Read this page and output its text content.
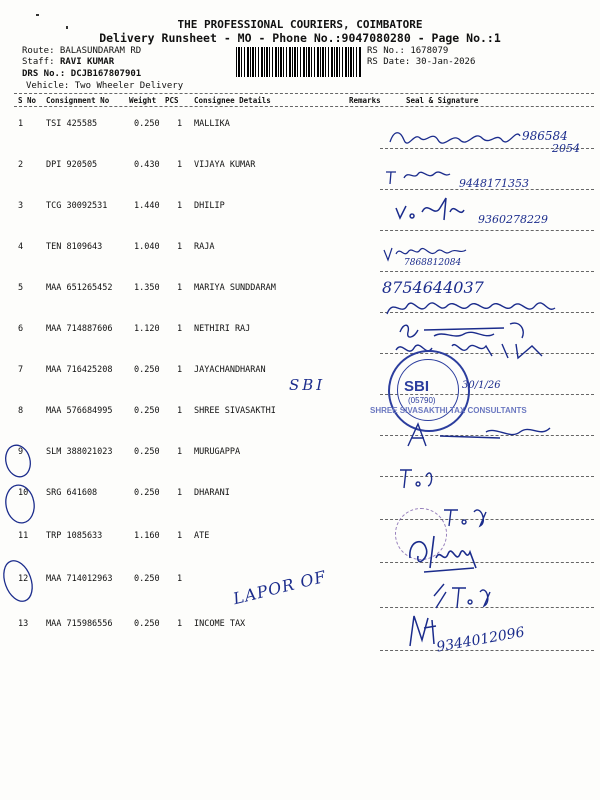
THE PROFESSIONAL COURIERS, COIMBATORE
Delivery Runsheet - MO - Phone No.:9047080280 - Page No.:1
Route: BALASUNDARAM RD
Staff: RAVI KUMAR
DRS No.: DCJB167807901
Vehicle: Two Wheeler Delivery
RS No.: 1678079
RS Date: 30-Jan-2026
S No Consignment No	Weight PCS Consignee Details	Remarks	Seal & Signature
1	TSI 425585	0.250 1 MALLIKA
2	DPI 920505	0.430 1 VIJAYA KUMAR
3	TCG 30092531	1.440 1 DHILIP
4	TEN 8109643	1.040 1 RAJA
5	MAA 651265452	1.350 1 MARIYA SUNDDARAM
6	MAA 714887606	1.120 1 NETHIRI RAJ
7	MAA 716425208	0.250 1 JAYACHANDHARAN
8	MAA 576684995	0.250 1 SHREE SIVASAKTHI
9	SLM 388021023	0.250 1 MURUGAPPA
10 SRG 641608	0.250 1 DHARANI
11 TRP 1085633	1.160 1 ATE
12 MAA 714012963	0.250 1
13 MAA 715986556	0.250 1 INCOME TAX
986584
2054
9448171353
9360278229
7868812084
8754644037
SBI	SBI
(05790)
30/1/26
SHREE SIVASAKTHI TAX CONSULTANTS
LAPOR OF
9344012096
